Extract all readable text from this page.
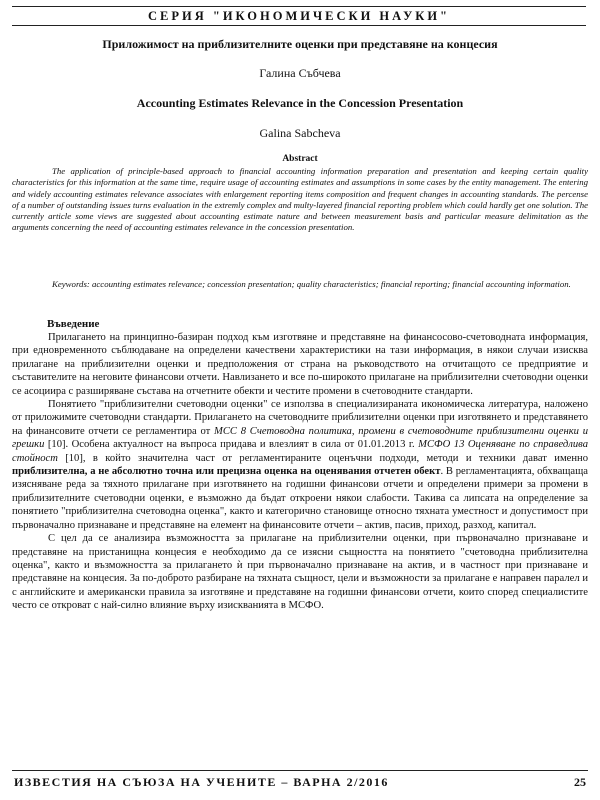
СЕРИЯ "ИКОНОМИЧЕСКИ НАУКИ"
Приложимост на приблизителните оценки при представяне на концесия
Галина Събчева
Accounting Estimates Relevance in the Concession Presentation
Galina Sabcheva
Abstract

The application of principle-based approach to financial accounting information preparation and presentation and keeping certain quality characteristics for this information at the same time, require usage of accounting estimates and assumptions in some cases by the entity management. The entering and widely accounting estimates relevance associates with enlargement reporting items composition and frequent changes in accounting standards. The percense of a number of outstanding issues turns evaluation in the extremly complex and multy-layered financial reporting problem which could hardly get one solution. The currently article some views are suggested about accounting estimate nature and between measurement basis and particular measure delimitation as the arguments concerning the need of accounting estimates relevance in the concession presentation.

Keywords: accounting estimates relevance; concession presentation; quality characteristics; financial reporting; financial accounting information.

Въведение

Прилагането на принципно-базиран подход към изготвяне и представяне на финансосово-счетоводната информация, при едновременното съблюдаване на определени качествени характеристики на тази информация, в някои случаи изисква прилагане на приблизителни оценки и предположения от страна на ръководството на отчитащото се предприятие и съставителите на неговите финансови отчети. Навлизането и все по-широкото прилагане на приблизителни счетоводни оценки се асоциира с разширяване състава на отчетните обекти и честите промени в счетоводните стандарти.

Понятието "приблизителни счетоводни оценки" се използва в специализираната икономическа литература, наложено от приложимите счетоводни стандарти. Прилагането на счетоводните приблизителни оценки при изготвянето и представянето на финансовите отчети се регламентира от МСС 8 Счетоводна политика, промени в счетоводните приблизителни оценки и грешки [10]. Особена актуалност на въпроса придава и влезлият в сила от 01.01.2013 г. МСФО 13 Оценяване по справедлива стойност [10], в който значителна част от регламентираните оценъчни подходи, методи и техники дават именно приблизителна, а не абсолютно точна или прецизна оценка на оценявания отчетен обект. В регламентацията, обхващаща изясняване реда за тяхното прилагане при изготвянето на годишни финансови отчети и определени примери за промени в приблизителните счетоводни оценки, е възможно да бъдат откроени някои слабости. Такива са липсата на определение за понятието "приблизителна счетоводна оценка", както и категорично становище относно тяхната уместност и допустимост при първоначално признаване и представяне на елемент на финансовите отчети – актив, пасив, приход, разход, капитал.

С цел да се анализира възможността за прилагане на приблизителни оценки, при първоначално признаване и представяне на пристанищна концесия е необходимо да се изясни същността на понятието "счетоводна приблизителна оценка", както и възможността за прилагането ѝ при първоначално признаване на актив, и в частност при признаване и представяне на концесия. За по-доброто разбиране на тяхната същност, цели и възможности за прилагане е направен паралел и с английските и американски правила за изготвяне и представяне на годишни финансови отчети, които според специалистите често се откроват с най-силно влияние върху изискванията в МСФО.

ИЗВЕСТИЯ НА СЪЮЗА НА УЧЕНИТЕ – ВАРНА 2/2016	25
